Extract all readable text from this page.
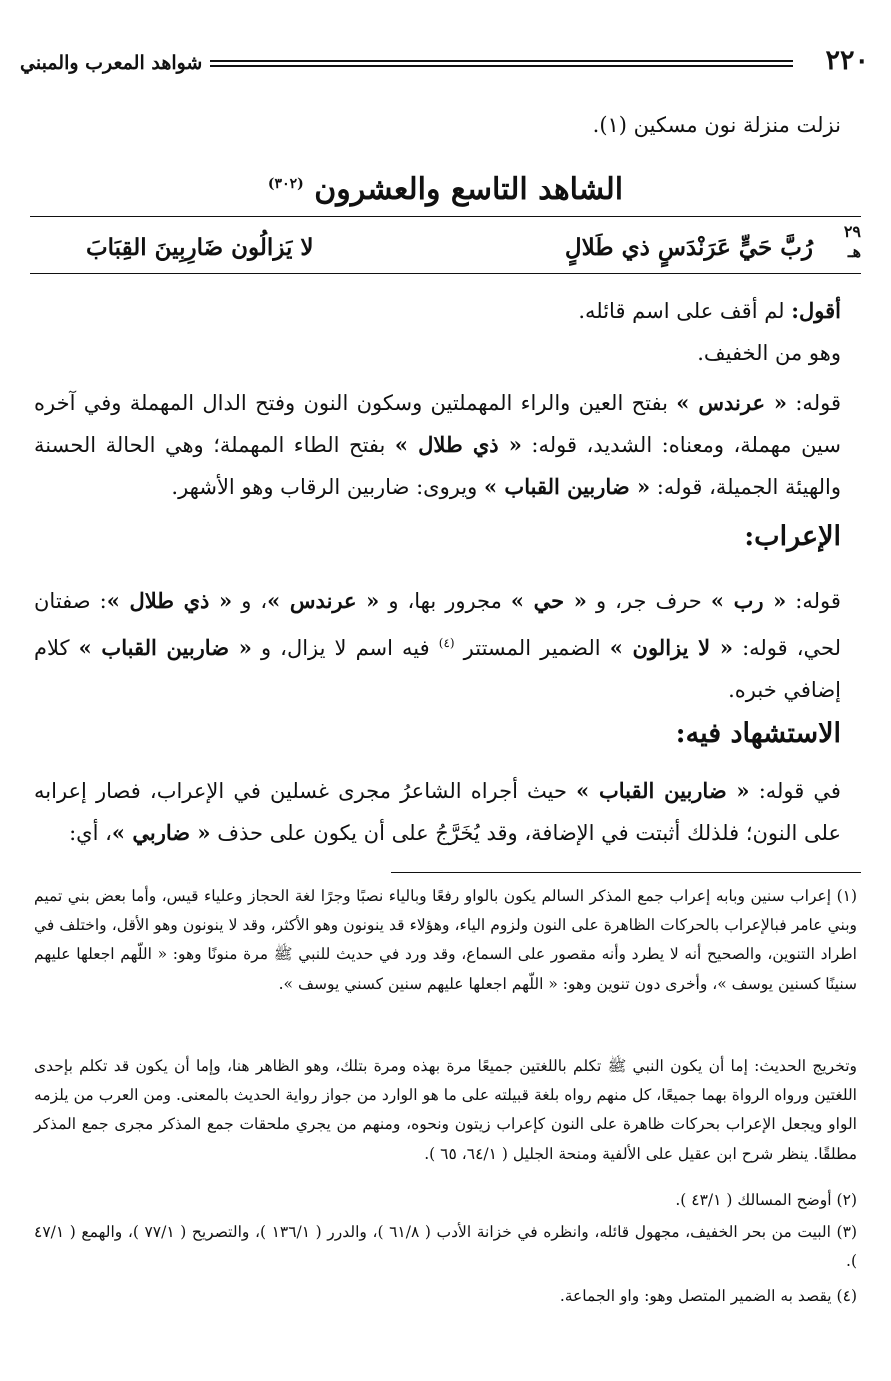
٢٢٠
شواهد المعرب والمبني

نزلت منزلة نون مسكين (١).

الشاهد التاسع والعشرون $^{(٣٠٢)}$
٢٩
هـ
رُبَّ حَيٍّ عَرَنْدَسٍ ذي طَلالٍ
لا يَزالُون ضَارِبِينَ القِبَابَ

أقول: لم أقف على اسم قائله.

وهو من الخفيف.

قوله: « عرندس » بفتح العين والراء المهملتين وسكون النون وفتح الدال المهملة وفي آخره سين مهملة، ومعناه: الشديد، قوله: « ذي طلال » بفتح الطاء المهملة؛ وهي الحالة الحسنة والهيئة الجميلة، قوله: « ضاربين القباب » ويروى: ضاربين الرقاب وهو الأشهر.

الإعراب:

قوله: « رب » حرف جر، و « حي » مجرور بها، و « عرندس »، و « ذي طلال »: صفتان لحي، قوله: « لا يزالون » الضمير المستتر $^{(٤)}$ فيه اسم لا يزال، و « ضاربين القباب » كلام إضافي خبره.

الاستشهاد فيه:

في قوله: « ضاربين القباب » حيث أجراه الشاعرُ مجرى غسلين في الإعراب، فصار إعرابه على النون؛ فلذلك أثبتت في الإضافة، وقد يُخَرَّجُ على أن يكون على حذف « ضاربي »، أي:

(١) إعراب سنين وبابه إعراب جمع المذكر السالم يكون بالواو رفعًا وبالياء نصبًا وجرًا لغة الحجاز وعلياء قيس، وأما بعض بني تميم وبني عامر فبالإعراب بالحركات الظاهرة على النون ولزوم الياء، وهؤلاء قد ينونون وهو الأكثر، وقد لا ينونون وهو الأقل، واختلف في اطراد التنوين، والصحيح أنه لا يطرد وأنه مقصور على السماع، وقد ورد في حديث للنبي ﷺ مرة منونًا وهو: « اللّهم اجعلها عليهم سنينًا كسنين يوسف »، وأخرى دون تنوين وهو: « اللّهم اجعلها عليهم سنين كسني يوسف ».

وتخريج الحديث: إما أن يكون النبي ﷺ تكلم باللغتين جميعًا مرة بهذه ومرة بتلك، وهو الظاهر هنا، وإما أن يكون قد تكلم بإحدى اللغتين ورواه الرواة بهما جميعًا، كل منهم رواه بلغة قبيلته على ما هو الوارد من جواز رواية الحديث بالمعنى. ومن العرب من يلزمه الواو ويجعل الإعراب بحركات ظاهرة على النون كإعراب زيتون ونحوه، ومنهم من يجري ملحقات جمع المذكر مجرى جمع المذكر مطلقًا. ينظر شرح ابن عقيل على الألفية ومنحة الجليل ( ٦٤/١، ٦٥ ).

(٢) أوضح المسالك ( ٤٣/١ ).

(٣) البيت من بحر الخفيف، مجهول قائله، وانظره في خزانة الأدب ( ٦١/٨ )، والدرر ( ١٣٦/١ )، والتصريح ( ٧٧/١ )، والهمع ( ٤٧/١ ).

(٤) يقصد به الضمير المتصل وهو: واو الجماعة.
